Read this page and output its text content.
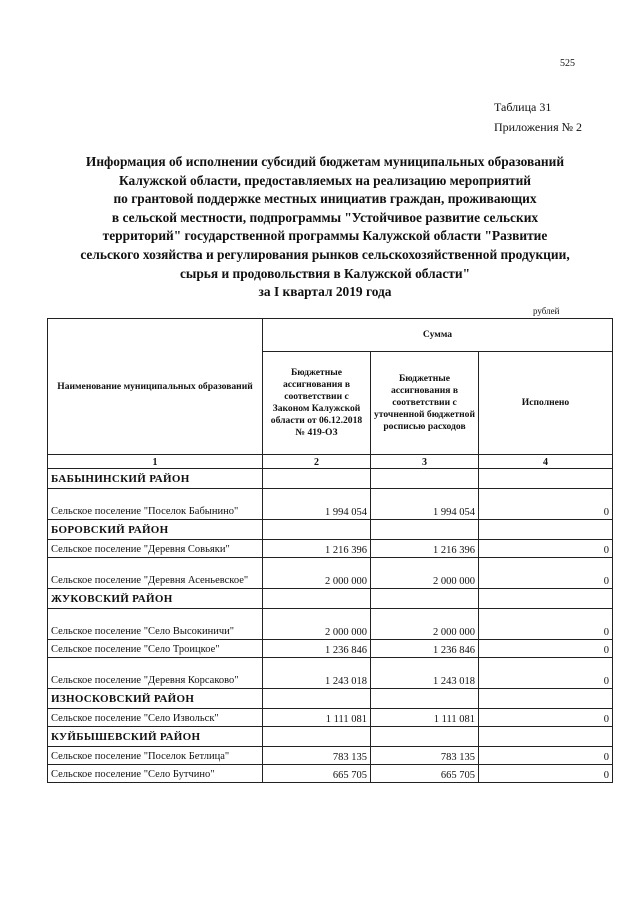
525
Таблица 31
Приложения № 2
Информация об исполнении субсидий бюджетам муниципальных образований
Калужской области, предоставляемых на реализацию мероприятий
по грантовой поддержке местных инициатив граждан, проживающих
в сельской местности, подпрограммы "Устойчивое развитие сельских
территорий" государственной программы Калужской области "Развитие
сельского хозяйства и регулирования рынков сельскохозяйственной продукции,
сырья и продовольствия в Калужской области"
за I квартал 2019 года
рублей
Наименование муниципальных образований	Сумма		
	Бюджетные ассигнования в соответствии с Законом Калужской области от 06.12.2018 № 419-ОЗ	Бюджетные ассигнования в соответствии с уточненной бюджетной росписью расходов	Исполнено
1	2	3	4
БАБЫНИНСКИЙ РАЙОН			
Сельское поселение "Поселок Бабынино"	1 994 054	1 994 054	0
БОРОВСКИЙ РАЙОН			
Сельское поселение "Деревня Совьяки"	1 216 396	1 216 396	0
Сельское поселение "Деревня Асеньевское"	2 000 000	2 000 000	0
ЖУКОВСКИЙ РАЙОН			
Сельское поселение "Село Высокиничи"	2 000 000	2 000 000	0
Сельское поселение "Село Троицкое"	1 236 846	1 236 846	0
Сельское поселение "Деревня Корсаково"	1 243 018	1 243 018	0
ИЗНОСКОВСКИЙ РАЙОН			
Сельское поселение "Село Извольск"	1 111 081	1 111 081	0
КУЙБЫШЕВСКИЙ РАЙОН			
Сельское поселение "Поселок Бетлица"	783 135	783 135	0
Сельское поселение "Село Бутчино"	665 705	665 705	0
